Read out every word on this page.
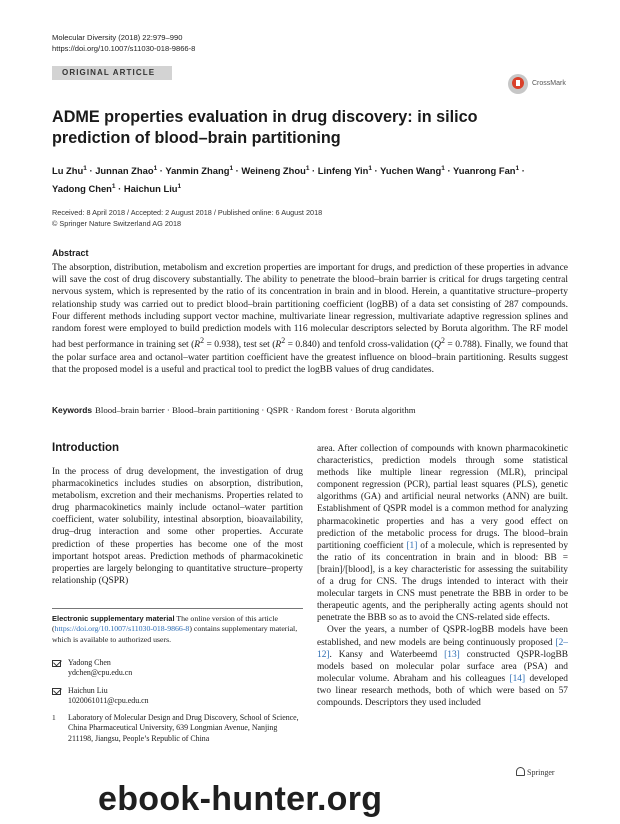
Molecular Diversity (2018) 22:979–990
https://doi.org/10.1007/s11030-018-9866-8
ORIGINAL ARTICLE
CrossMark
ADME properties evaluation in drug discovery: in silico prediction of blood–brain partitioning
Lu Zhu$^1$ · Junnan Zhao$^1$ · Yanmin Zhang$^1$ · Weineng Zhou$^1$ · Linfeng Yin$^1$ · Yuchen Wang$^1$ · Yuanrong Fan$^1$ ·
Yadong Chen$^1$ · Haichun Liu$^1$
Received: 8 April 2018 / Accepted: 2 August 2018 / Published online: 6 August 2018
© Springer Nature Switzerland AG 2018
Abstract
The absorption, distribution, metabolism and excretion properties are important for drugs, and prediction of these properties in advance will save the cost of drug discovery substantially. The ability to penetrate the blood–brain barrier is critical for drugs targeting central nervous system, which is represented by the ratio of its concentration in brain and in blood. Herein, a quantitative structure–property relationship study was carried out to predict blood–brain partitioning coefficient (logBB) of a data set consisting of 287 compounds. Four different methods including support vector machine, multivariate linear regression, multivariate adaptive regression splines and random forest were employed to build prediction models with 116 molecular descriptors selected by Boruta algorithm. The RF model had best performance in training set $(R^2 = 0.938)$, test set $(R^2 = 0.840)$ and tenfold cross-validation $(Q^2 = 0.788)$. Finally, we found that the polar surface area and octanol–water partition coefficient have the greatest influence on blood–brain partitioning. Results suggest that the proposed model is a useful and practical tool to predict the logBB values of drug candidates.
Keywords Blood–brain barrier · Blood–brain partitioning · QSPR · Random forest · Boruta algorithm
Introduction
In the process of drug development, the investigation of drug pharmacokinetics includes studies on absorption, distribution, metabolism, excretion and their mechanisms. Properties related to drug pharmacokinetics mainly include octanol–water partition coefficient, water solubility, intestinal absorption, bioavailability, drug–drug interaction and some other properties. Accurate prediction of these properties has become one of the most important hotspot areas. Prediction methods of pharmacokinetic properties are largely belonging to quantitative structure–property relationship (QSPR)

area. After collection of compounds with known pharmacokinetic characteristics, prediction models through some statistical methods like multiple linear regression (MLR), principal component regression (PCR), partial least squares (PLS), genetic algorithms (GA) and artificial neural networks (ANN) are built. Establishment of QSPR model is a common method for analyzing pharmacokinetic properties and has a very good effect on prediction of the metabolic process for drugs. The blood–brain partitioning coefficient [1] of a molecule, which is represented by the ratio of its concentration in brain and in blood: BB = [brain]/[blood], is a key characteristic for assessing the suitability of a drug for CNS. The drugs intended to interact with their molecular targets in CNS must penetrate the BBB in order to be therapeutic agents, and the peripherally acting agents should not penetrate the BBB so as to avoid the CNS-related side effects.

Over the years, a number of QSPR-logBB models have been established, and new models are being continuously proposed [2–12]. Kansy and Waterbeemd [13] constructed QSPR-logBB models based on molecular polar surface area (PSA) and molecular volume. Abraham and his colleagues [14] developed two linear research methods, both of which were based on 57 compounds. Descriptors they used included

Electronic supplementary material The online version of this article (https://doi.org/10.1007/s11030-018-9866-8) contains supplementary material, which is available to authorized users.
Yadong Chen
ydchen@cpu.edu.cn
Haichun Liu
1020061011@cpu.edu.cn
1 Laboratory of Molecular Design and Drug Discovery, School of Science, China Pharmaceutical University, 639 Longmian Avenue, Nanjing 211198, Jiangsu, People’s Republic of China
Springer
ebook-hunter.org
